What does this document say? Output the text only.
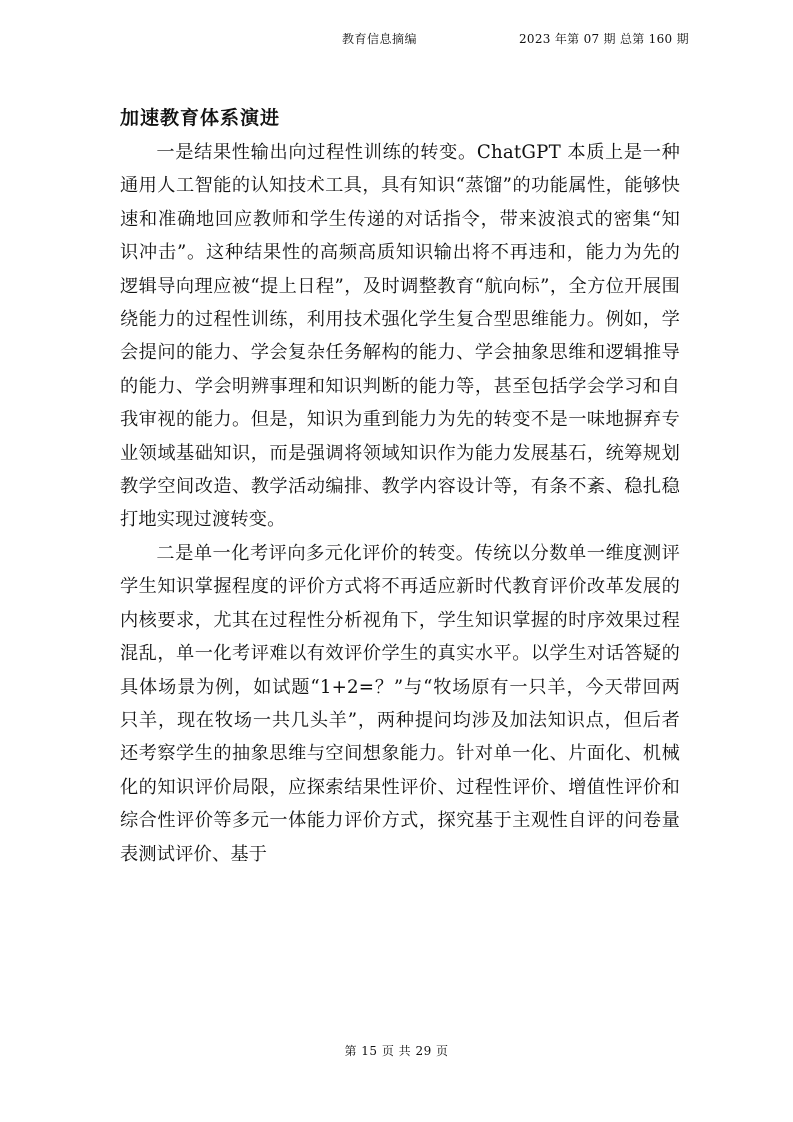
教育信息摘编	2023 年第 07 期 总第 160 期
加速教育体系演进

一是结果性输出向过程性训练的转变。ChatGPT 本质上是一种通用人工智能的认知技术工具，具有知识“蒸馏”的功能属性，能够快速和准确地回应教师和学生传递的对话指令，带来波浪式的密集“知识冲击”。这种结果性的高频高质知识输出将不再违和，能力为先的逻辑导向理应被“提上日程”，及时调整教育“航向标”，全方位开展围绕能力的过程性训练，利用技术强化学生复合型思维能力。例如，学会提问的能力、学会复杂任务解构的能力、学会抽象思维和逻辑推导的能力、学会明辨事理和知识判断的能力等，甚至包括学会学习和自我审视的能力。但是，知识为重到能力为先的转变不是一味地摒弃专业领域基础知识，而是强调将领域知识作为能力发展基石，统筹规划教学空间改造、教学活动编排、教学内容设计等，有条不紊、稳扎稳打地实现过渡转变。

二是单一化考评向多元化评价的转变。传统以分数单一维度测评学生知识掌握程度的评价方式将不再适应新时代教育评价改革发展的内核要求，尤其在过程性分析视角下，学生知识掌握的时序效果过程混乱，单一化考评难以有效评价学生的真实水平。以学生对话答疑的具体场景为例，如试题“1+2=？”与“牧场原有一只羊，今天带回两只羊，现在牧场一共几头羊”，两种提问均涉及加法知识点，但后者还考察学生的抽象思维与空间想象能力。针对单一化、片面化、机械化的知识评价局限，应探索结果性评价、过程性评价、增值性评价和综合性评价等多元一体能力评价方式，探究基于主观性自评的问卷量表测试评价、基于

第 15 页 共 29 页
